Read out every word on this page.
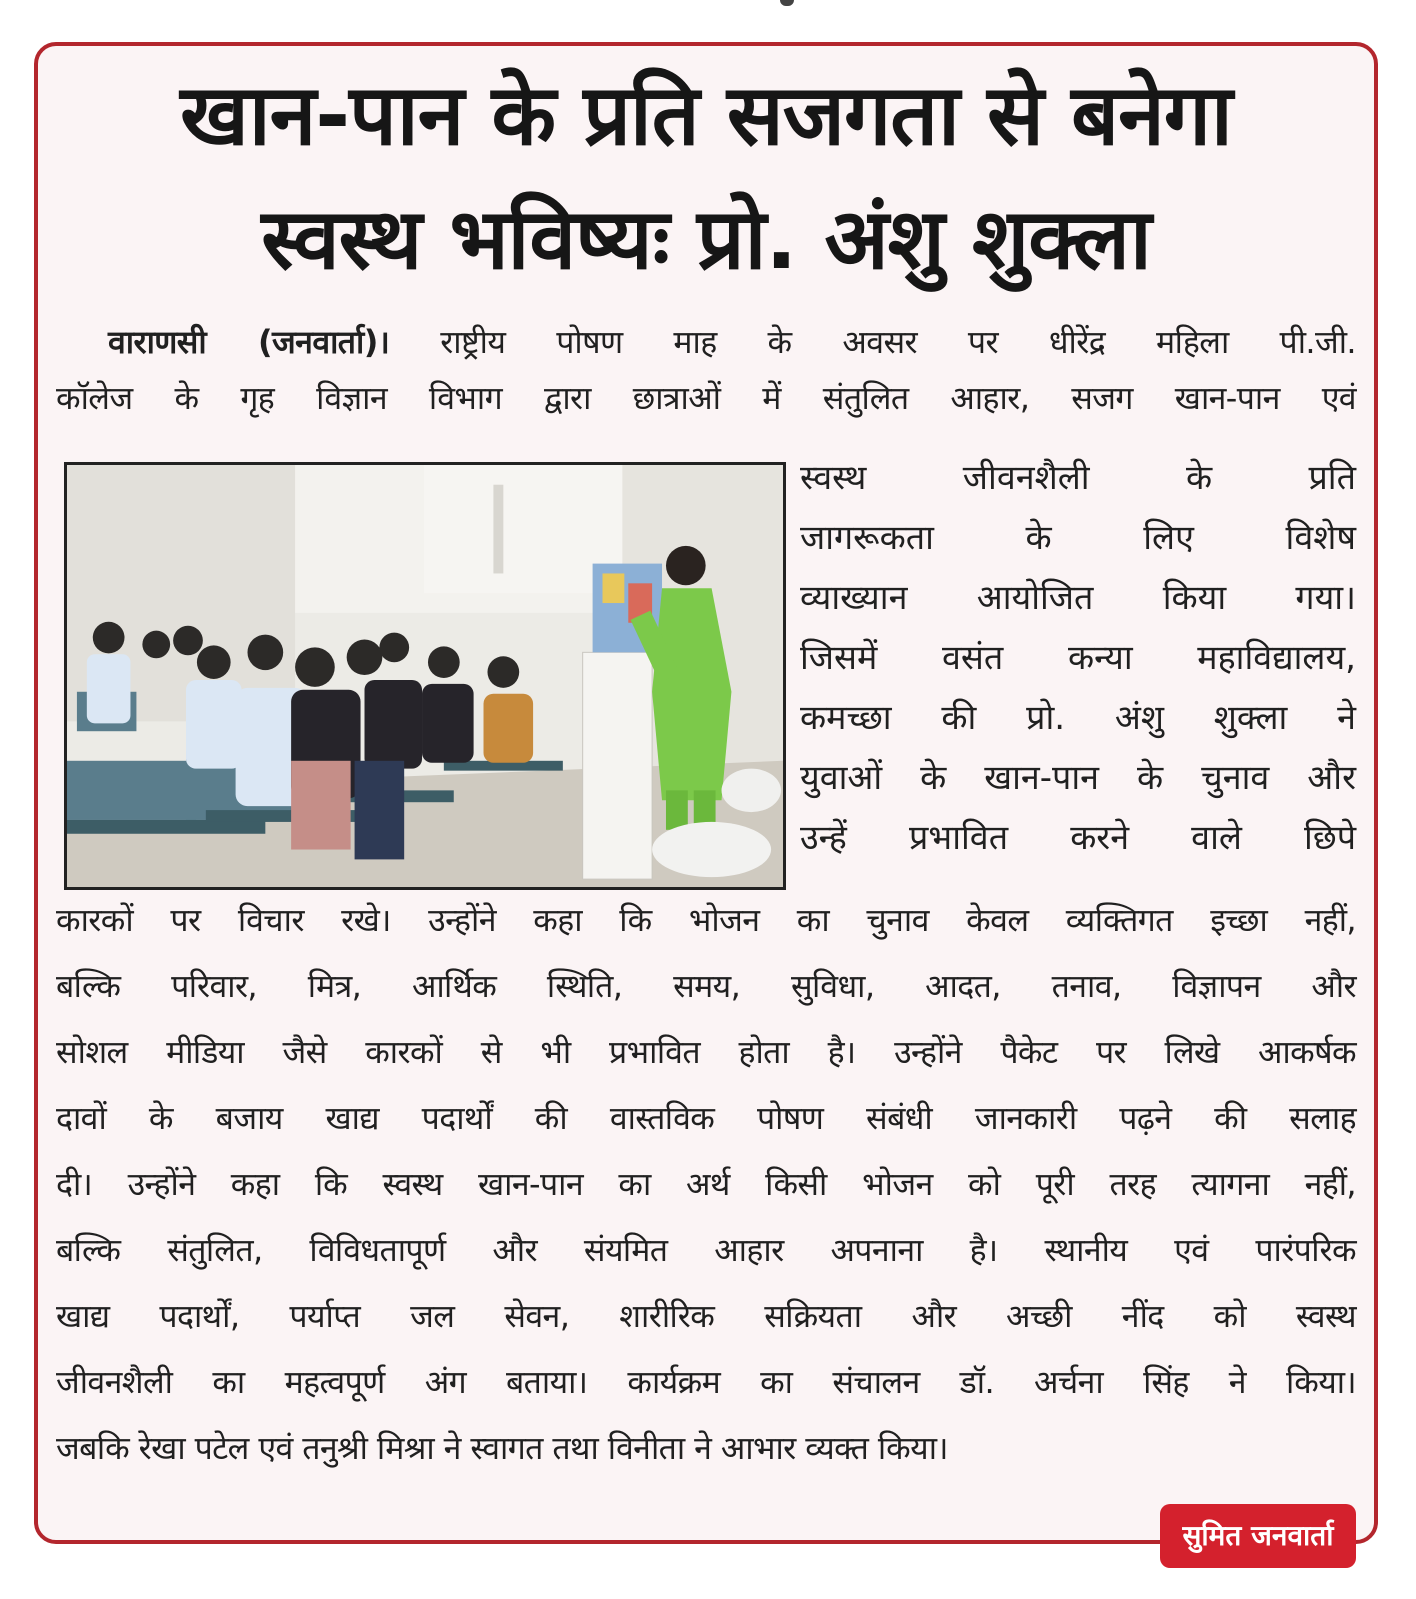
खान-पान के प्रति सजगता से बनेगा
स्वस्थ भविष्यः प्रो. अंशु शुक्ला
वाराणसी (जनवार्ता)। राष्ट्रीय पोषण माह के अवसर पर धीरेंद्र महिला पी.जी.
कॉलेज के गृह विज्ञान विभाग द्वारा छात्राओं में संतुलित आहार, सजग खान-पान एवं
स्वस्थ जीवनशैली के प्रति
जागरूकता के लिए विशेष
व्याख्यान आयोजित किया गया।
जिसमें वसंत कन्या महाविद्यालय,
कमच्छा की प्रो. अंशु शुक्ला ने
युवाओं के खान-पान के चुनाव और
उन्हें प्रभावित करने वाले छिपे
कारकों पर विचार रखे। उन्होंने कहा कि भोजन का चुनाव केवल व्यक्तिगत इच्छा नहीं,
बल्कि परिवार, मित्र, आर्थिक स्थिति, समय, सुविधा, आदत, तनाव, विज्ञापन और
सोशल मीडिया जैसे कारकों से भी प्रभावित होता है। उन्होंने पैकेट पर लिखे आकर्षक
दावों के बजाय खाद्य पदार्थों की वास्तविक पोषण संबंधी जानकारी पढ़ने की सलाह
दी। उन्होंने कहा कि स्वस्थ खान-पान का अर्थ किसी भोजन को पूरी तरह त्यागना नहीं,
बल्कि संतुलित, विविधतापूर्ण और संयमित आहार अपनाना है। स्थानीय एवं पारंपरिक
खाद्य पदार्थों, पर्याप्त जल सेवन, शारीरिक सक्रियता और अच्छी नींद को स्वस्थ
जीवनशैली का महत्वपूर्ण अंग बताया। कार्यक्रम का संचालन डॉ. अर्चना सिंह ने किया।
जबकि रेखा पटेल एवं तनुश्री मिश्रा ने स्वागत तथा विनीता ने आभार व्यक्त किया।
सुमित जनवार्ता
